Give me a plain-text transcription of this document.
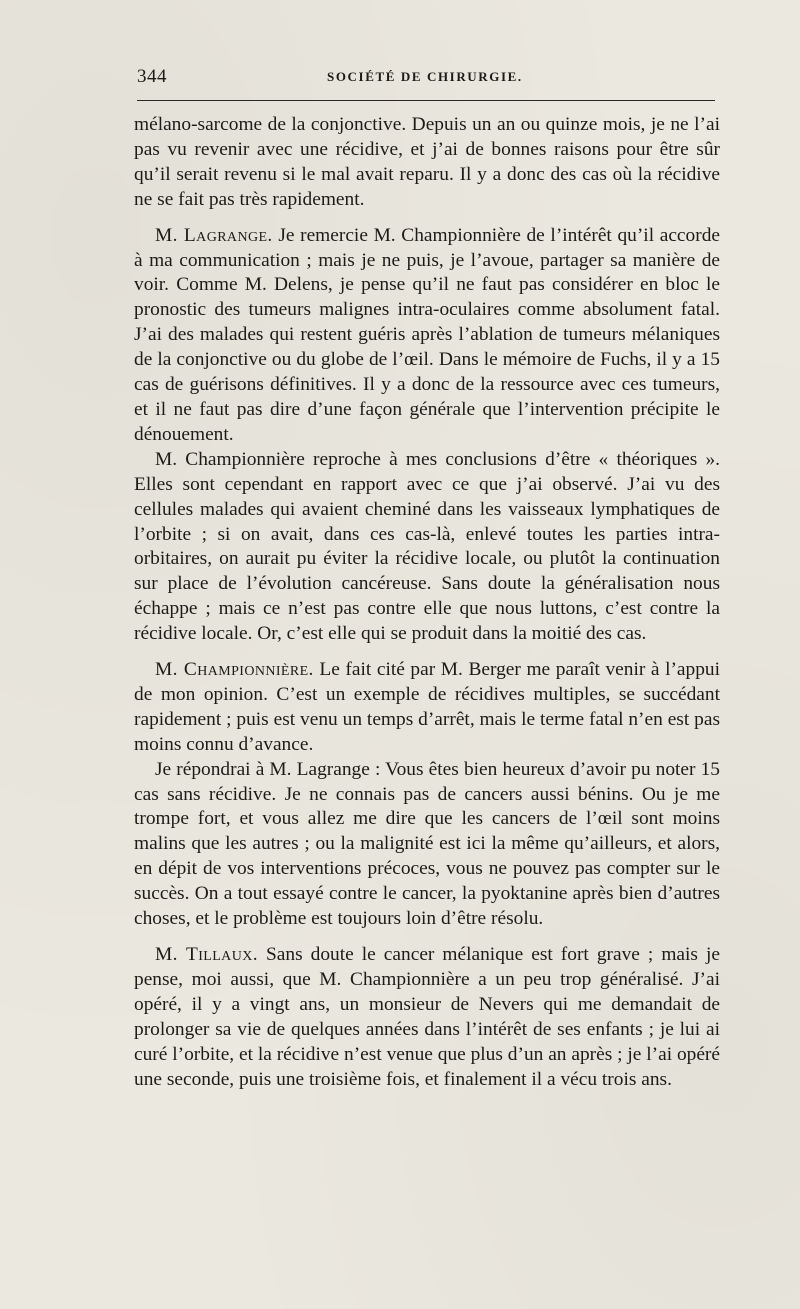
344	SOCIÉTÉ DE CHIRURGIE.

mélano-sarcome de la conjonctive. Depuis un an ou quinze mois, je ne l’ai pas vu revenir avec une récidive, et j’ai de bonnes raisons pour être sûr qu’il serait revenu si le mal avait reparu. Il y a donc des cas où la récidive ne se fait pas très rapidement.

M. Lagrange. Je remercie M. Championnière de l’intérêt qu’il accorde à ma communication ; mais je ne puis, je l’avoue, partager sa manière de voir. Comme M. Delens, je pense qu’il ne faut pas considérer en bloc le pronostic des tumeurs malignes intra-oculaires comme absolument fatal. J’ai des malades qui restent guéris après l’ablation de tumeurs mélaniques de la conjonctive ou du globe de l’œil. Dans le mémoire de Fuchs, il y a 15 cas de guérisons définitives. Il y a donc de la ressource avec ces tumeurs, et il ne faut pas dire d’une façon générale que l’intervention précipite le dénouement.

M. Championnière reproche à mes conclusions d’être « théoriques ». Elles sont cependant en rapport avec ce que j’ai observé. J’ai vu des cellules malades qui avaient cheminé dans les vaisseaux lymphatiques de l’orbite ; si on avait, dans ces cas-là, enlevé toutes les parties intra-orbitaires, on aurait pu éviter la récidive locale, ou plutôt la continuation sur place de l’évolution cancéreuse. Sans doute la généralisation nous échappe ; mais ce n’est pas contre elle que nous luttons, c’est contre la récidive locale. Or, c’est elle qui se produit dans la moitié des cas.

M. Championnière. Le fait cité par M. Berger me paraît venir à l’appui de mon opinion. C’est un exemple de récidives multiples, se succédant rapidement ; puis est venu un temps d’arrêt, mais le terme fatal n’en est pas moins connu d’avance.

Je répondrai à M. Lagrange : Vous êtes bien heureux d’avoir pu noter 15 cas sans récidive. Je ne connais pas de cancers aussi bénins. Ou je me trompe fort, et vous allez me dire que les cancers de l’œil sont moins malins que les autres ; ou la malignité est ici la même qu’ailleurs, et alors, en dépit de vos interventions précoces, vous ne pouvez pas compter sur le succès. On a tout essayé contre le cancer, la pyoktanine après bien d’autres choses, et le problème est toujours loin d’être résolu.

M. Tillaux. Sans doute le cancer mélanique est fort grave ; mais je pense, moi aussi, que M. Championnière a un peu trop généralisé. J’ai opéré, il y a vingt ans, un monsieur de Nevers qui me demandait de prolonger sa vie de quelques années dans l’intérêt de ses enfants ; je lui ai curé l’orbite, et la récidive n’est venue que plus d’un an après ; je l’ai opéré une seconde, puis une troisième fois, et finalement il a vécu trois ans.
